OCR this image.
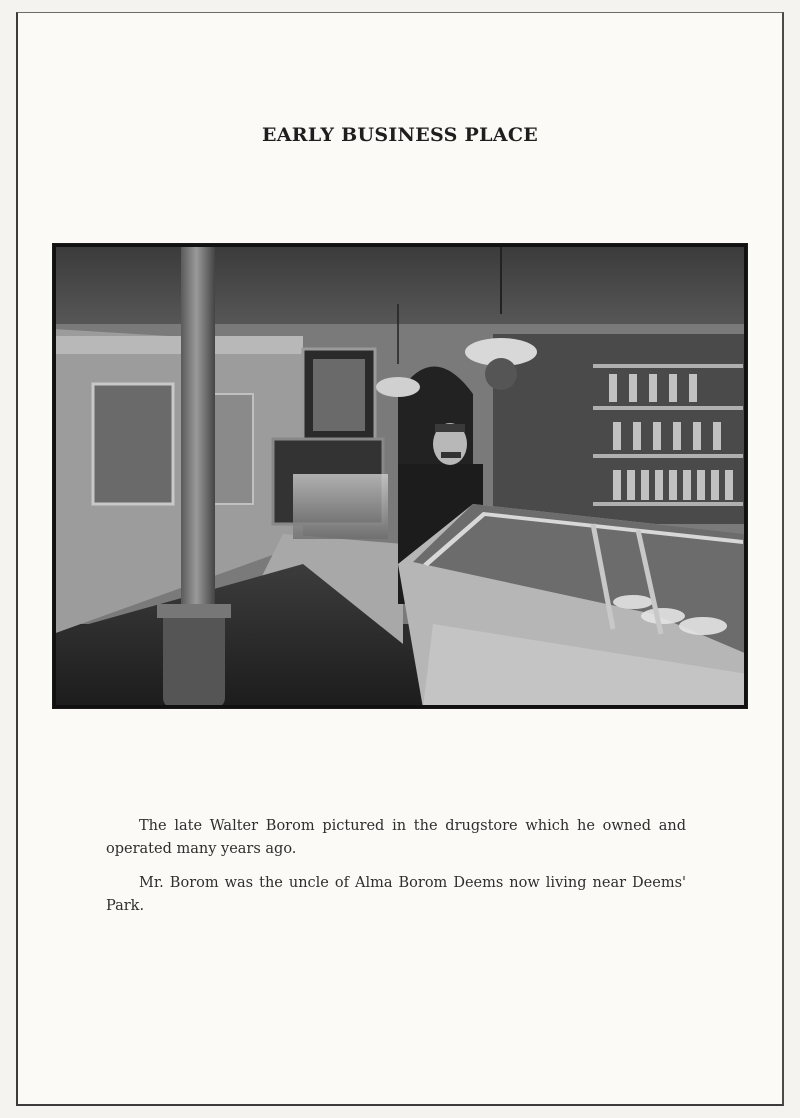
EARLY BUSINESS PLACE

The late Walter Borom pictured in the drugstore which he owned and operated many years ago.

Mr. Borom was the uncle of Alma Borom Deems now living near Deems' Park.
